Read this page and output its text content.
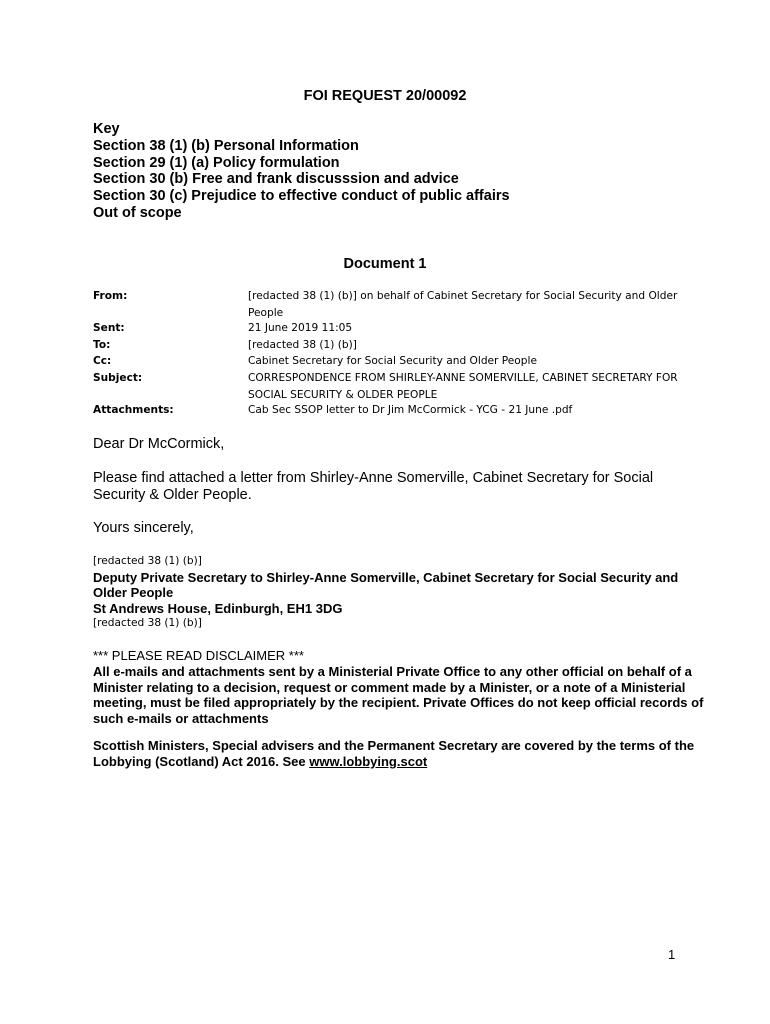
FOI REQUEST 20/00092
Key
Section 38 (1) (b) Personal Information
Section 29 (1) (a) Policy formulation
Section 30 (b) Free and frank discusssion and advice
Section 30 (c) Prejudice to effective conduct of public affairs
Out of scope
Document 1
From:	[redacted 38 (1) (b)] on behalf of Cabinet Secretary for Social Security and Older People
Sent:	21 June 2019 11:05
To:	[redacted 38 (1) (b)]
Cc:	Cabinet Secretary for Social Security and Older People
Subject:	CORRESPONDENCE FROM SHIRLEY-ANNE SOMERVILLE, CABINET SECRETARY FOR SOCIAL SECURITY & OLDER PEOPLE
Attachments:	Cab Sec SSOP letter to Dr Jim McCormick - YCG - 21 June .pdf
Dear Dr McCormick,
Please find attached a letter from Shirley-Anne Somerville, Cabinet Secretary for Social Security & Older People.
Yours sincerely,
[redacted 38 (1) (b)]
Deputy Private Secretary to Shirley-Anne Somerville, Cabinet Secretary for Social Security and Older People
St Andrews House, Edinburgh, EH1 3DG
[redacted 38 (1) (b)]
*** PLEASE READ DISCLAIMER ***
All e-mails and attachments sent by a Ministerial Private Office to any other official on behalf of a Minister relating to a decision, request or comment made by a Minister, or a note of a Ministerial meeting, must be filed appropriately by the recipient. Private Offices do not keep official records of such e-mails or attachments
Scottish Ministers, Special advisers and the Permanent Secretary are covered by the terms of the Lobbying (Scotland) Act 2016. See www.lobbying.scot
1
